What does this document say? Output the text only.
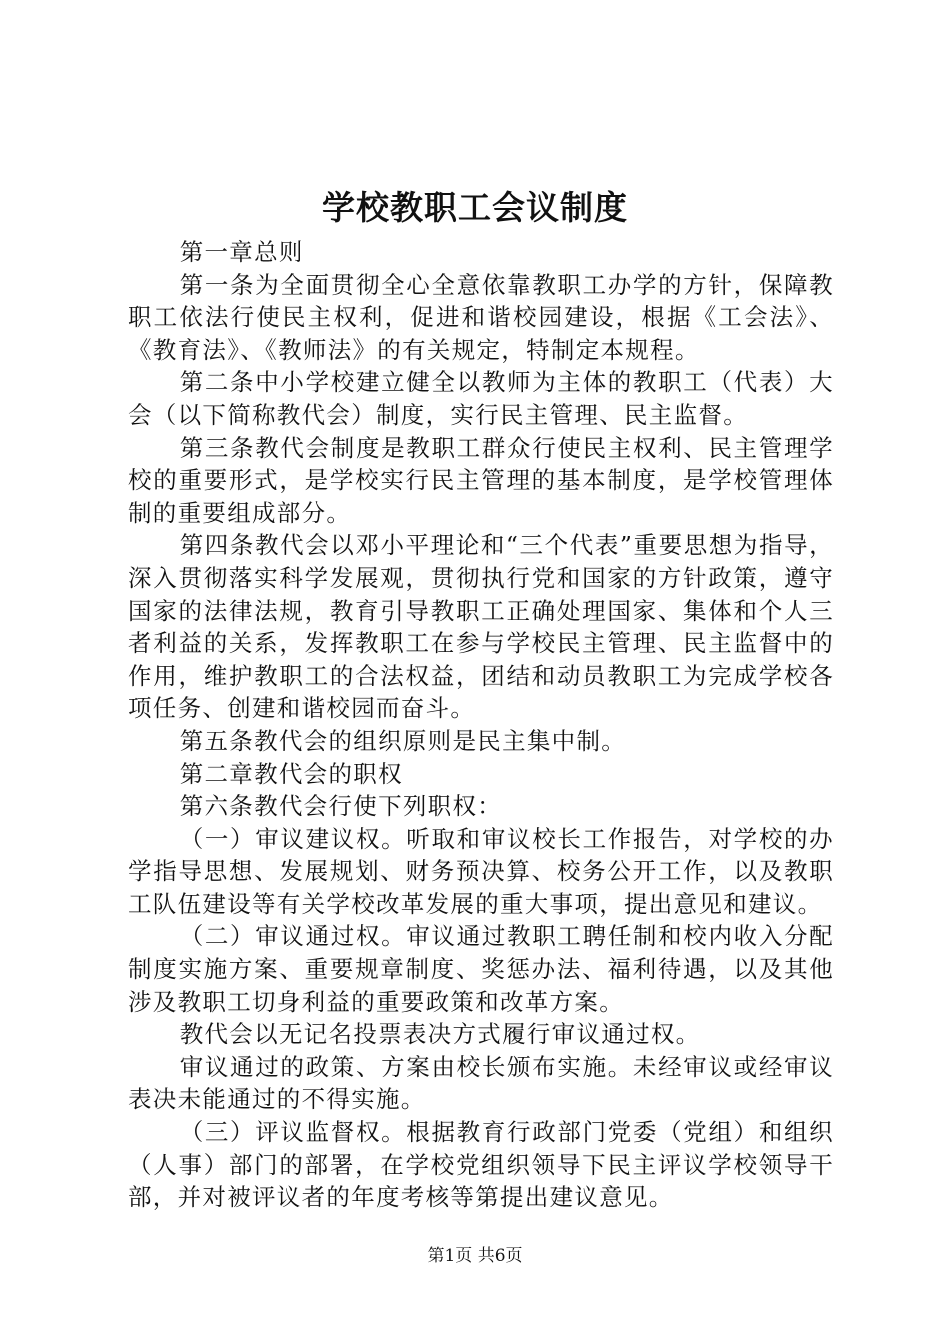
学校教职工会议制度

第一章总则

第一条为全面贯彻全心全意依靠教职工办学的方针，保障教职工依法行使民主权利，促进和谐校园建设，根据《工会法》、《教育法》、《教师法》的有关规定，特制定本规程。

第二条中小学校建立健全以教师为主体的教职工（代表）大会（以下简称教代会）制度，实行民主管理、民主监督。

第三条教代会制度是教职工群众行使民主权利、民主管理学校的重要形式，是学校实行民主管理的基本制度，是学校管理体制的重要组成部分。

第四条教代会以邓小平理论和“三个代表”重要思想为指导，深入贯彻落实科学发展观，贯彻执行党和国家的方针政策，遵守国家的法律法规，教育引导教职工正确处理国家、集体和个人三者利益的关系，发挥教职工在参与学校民主管理、民主监督中的作用，维护教职工的合法权益，团结和动员教职工为完成学校各项任务、创建和谐校园而奋斗。

第五条教代会的组织原则是民主集中制。

第二章教代会的职权

第六条教代会行使下列职权：

（一）审议建议权。听取和审议校长工作报告，对学校的办学指导思想、发展规划、财务预决算、校务公开工作，以及教职工队伍建设等有关学校改革发展的重大事项，提出意见和建议。

（二）审议通过权。审议通过教职工聘任制和校内收入分配制度实施方案、重要规章制度、奖惩办法、福利待遇，以及其他涉及教职工切身利益的重要政策和改革方案。

教代会以无记名投票表决方式履行审议通过权。

审议通过的政策、方案由校长颁布实施。未经审议或经审议表决未能通过的不得实施。

（三）评议监督权。根据教育行政部门党委（党组）和组织（人事）部门的部署，在学校党组织领导下民主评议学校领导干部，并对被评议者的年度考核等第提出建议意见。

第1页 共6页
